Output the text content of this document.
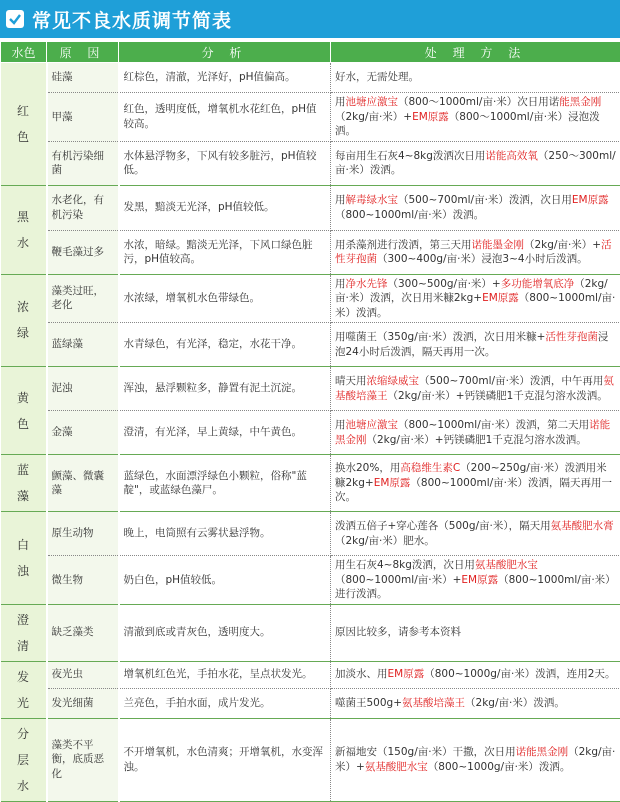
常见不良水质调节简表
水色	原 因	分 析	处 理 方 法

红
色	硅藻	红棕色，清澈，光泽好，pH值偏高。	好水，无需处理。
	甲藻	红色，透明度低，增氧机水花红色，pH值较高。	用池塘应激宝（800～1000ml/亩·米）次日用诺能黑金刚（2kg/亩·米）+EM原露（800～1000ml/亩·米）浸泡泼洒。
	有机污染细菌	水体悬浮物多，下风有较多脏污，pH值较低。	每亩用生石灰4~8kg泼洒次日用诺能高效氧（250～300ml/亩·米）泼洒。

黑
水	水老化，有机污染	发黑，黯淡无光泽，pH值较低。	用解毒绿水宝（500~700ml/亩·米）泼洒，次日用EM原露（800~1000ml/亩·米）泼洒。
	鞭毛藻过多	水浓，暗绿。黯淡无光泽，下风口绿色脏污，pH值较高。	用杀藻剂进行泼洒，第三天用诺能墨金刚（2kg/亩·米）+活性芽孢菌（300~400g/亩·米）浸泡3~4小时后泼洒。

浓
绿	藻类过旺，老化	水浓绿，增氧机水色带绿色。	用净水先锋（300~500g/亩·米）+多功能增氧底净（2kg/亩·米）泼洒，次日用米糠2kg+EM原露（800~1000ml/亩·米）泼洒。
	蓝绿藻	水青绿色，有光泽，稳定，水花干净。	用噬菌王（350g/亩·米）泼洒，次日用米糠+活性芽孢菌浸泡24小时后泼洒，隔天再用一次。

黄
色	泥浊	浑浊，悬浮颗粒多，静置有泥土沉淀。	晴天用浓缩绿威宝（500~700ml/亩·米）泼洒，中午再用氨基酸培藻王（2kg/亩·米）+钙镁磷肥1千克混匀溶水泼洒。
	金藻	澄清，有光泽，早上黄绿，中午黄色。	用池塘应激宝（800~1000ml/亩·米）泼洒，第二天用诺能黑金刚（2kg/亩·米）+钙镁磷肥1千克混匀溶水泼洒。

蓝
藻	颤藻、微囊藻	蓝绿色，水面漂浮绿色小颗粒，俗称"蓝靛"，或蓝绿色藻尸。	换水20%，用高稳维生素C（200~250g/亩·米）泼洒用米糠2kg+EM原露（800~1000ml/亩·米）泼洒，隔天再用一次。

白
浊	原生动物	晚上，电筒照有云雾状悬浮物。	泼洒五倍子+穿心莲各（500g/亩·米），隔天用氨基酸肥水膏（2kg/亩·米）肥水。
	微生物	奶白色，pH值较低。	用生石灰4~8kg泼洒，次日用氨基酸肥水宝（800~1000ml/亩·米）+EM原露（800~1000ml/亩·米）进行泼洒。

澄
清	缺乏藻类	清澈到底或青灰色，透明度大。	原因比较多，请参考本资料

发
光	夜光虫	增氧机红色光，手拍水花，呈点状发光。	加淡水、用EM原露（800~1000g/亩·米）泼洒，连用2天。
	发光细菌	兰亮色，手拍水面，成片发光。	噬菌王500g+氨基酸培藻王（2kg/亩·米）泼洒。

分
层
水	藻类不平衡，底质恶化	不开增氧机，水色清爽；开增氧机，水变浑浊。	新福地安（150g/亩·米）干撒，次日用诺能黑金刚（2kg/亩·米）+氨基酸肥水宝（800~1000g/亩·米）泼洒。
